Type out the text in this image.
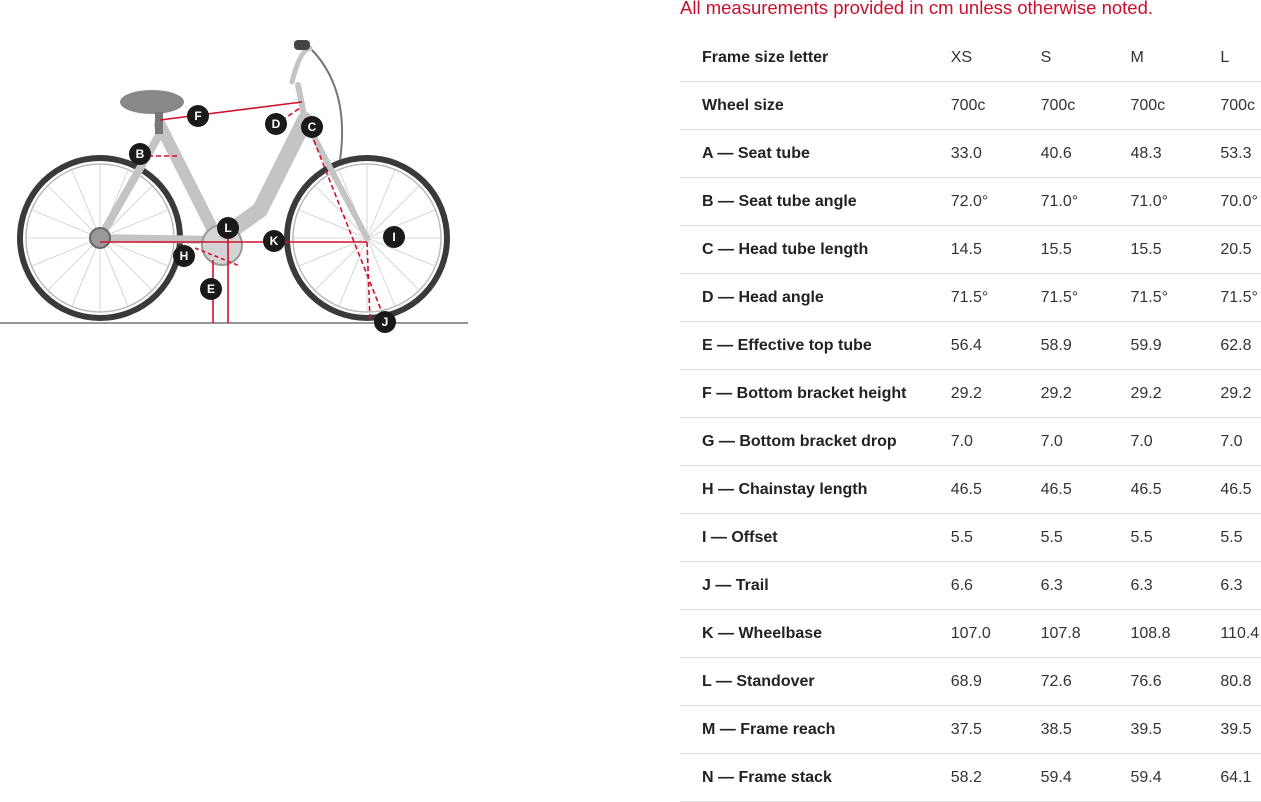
F
D C
B
L
K	I
H
E
J

All measurements provided in cm unless otherwise noted.

Frame size letter	XS	S	M	L
Wheel size	700c	700c	700c	700c
A — Seat tube	33.0	40.6	48.3	53.3
B — Seat tube angle	72.0°	71.0°	71.0°	70.0°
C — Head tube length	14.5	15.5	15.5	20.5
D — Head angle	71.5°	71.5°	71.5°	71.5°
E — Effective top tube	56.4	58.9	59.9	62.8
F — Bottom bracket height	29.2	29.2	29.2	29.2
G — Bottom bracket drop	7.0	7.0	7.0	7.0
H — Chainstay length	46.5	46.5	46.5	46.5
I — Offset	5.5	5.5	5.5	5.5
J — Trail	6.6	6.3	6.3	6.3
K — Wheelbase	107.0	107.8	108.8	110.4
L — Standover	68.9	72.6	76.6	80.8
M — Frame reach	37.5	38.5	39.5	39.5
N — Frame stack	58.2	59.4	59.4	64.1
